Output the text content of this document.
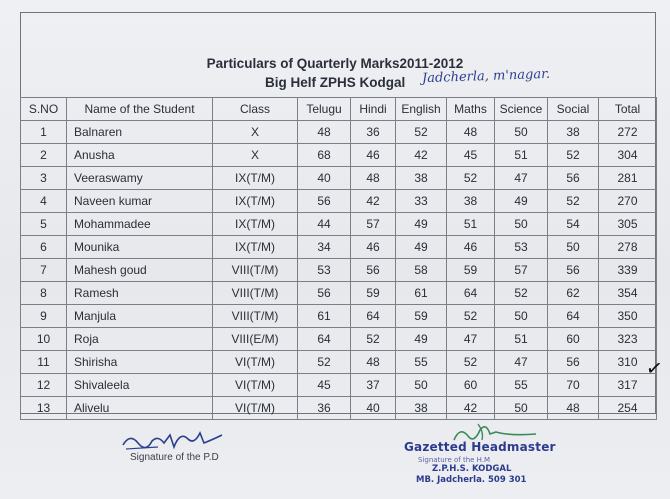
Particulars of Quarterly Marks2011-2012
Big Helf ZPHS Kodgal Jadcherla, m'nagar.
S.NO	Name of the Student	Class	Telugu	Hindi	English	Maths	Science	Social	Total
1	Balnaren	X	48	36	52	48	50	38	272
2	Anusha	X	68	46	42	45	51	52	304
3	Veeraswamy	IX(T/M)	40	48	38	52	47	56	281
4	Naveen kumar	IX(T/M)	56	42	33	38	49	52	270
5	Mohammadee	IX(T/M)	44	57	49	51	50	54	305
6	Mounika	IX(T/M)	34	46	49	46	53	50	278
7	Mahesh goud	VIII(T/M)	53	56	58	59	57	56	339
8	Ramesh	VIII(T/M)	56	59	61	64	52	62	354
9	Manjula	VIII(T/M)	61	64	59	52	50	64	350
10	Roja	VIII(E/M)	64	52	49	47	51	60	323
11	Shirisha	VI(T/M)	52	48	55	52	47	56	310
12	Shivaleela	VI(T/M)	45	37	50	60	55	70	317
13	Alivelu	VI(T/M)	36	40	38	42	50	48	254
✓
Signature of the P.D
Gazetted Headmaster
Signature of the H.M
Z.P.H.S. KODGAL
MB. Jadcherla. 509 301
